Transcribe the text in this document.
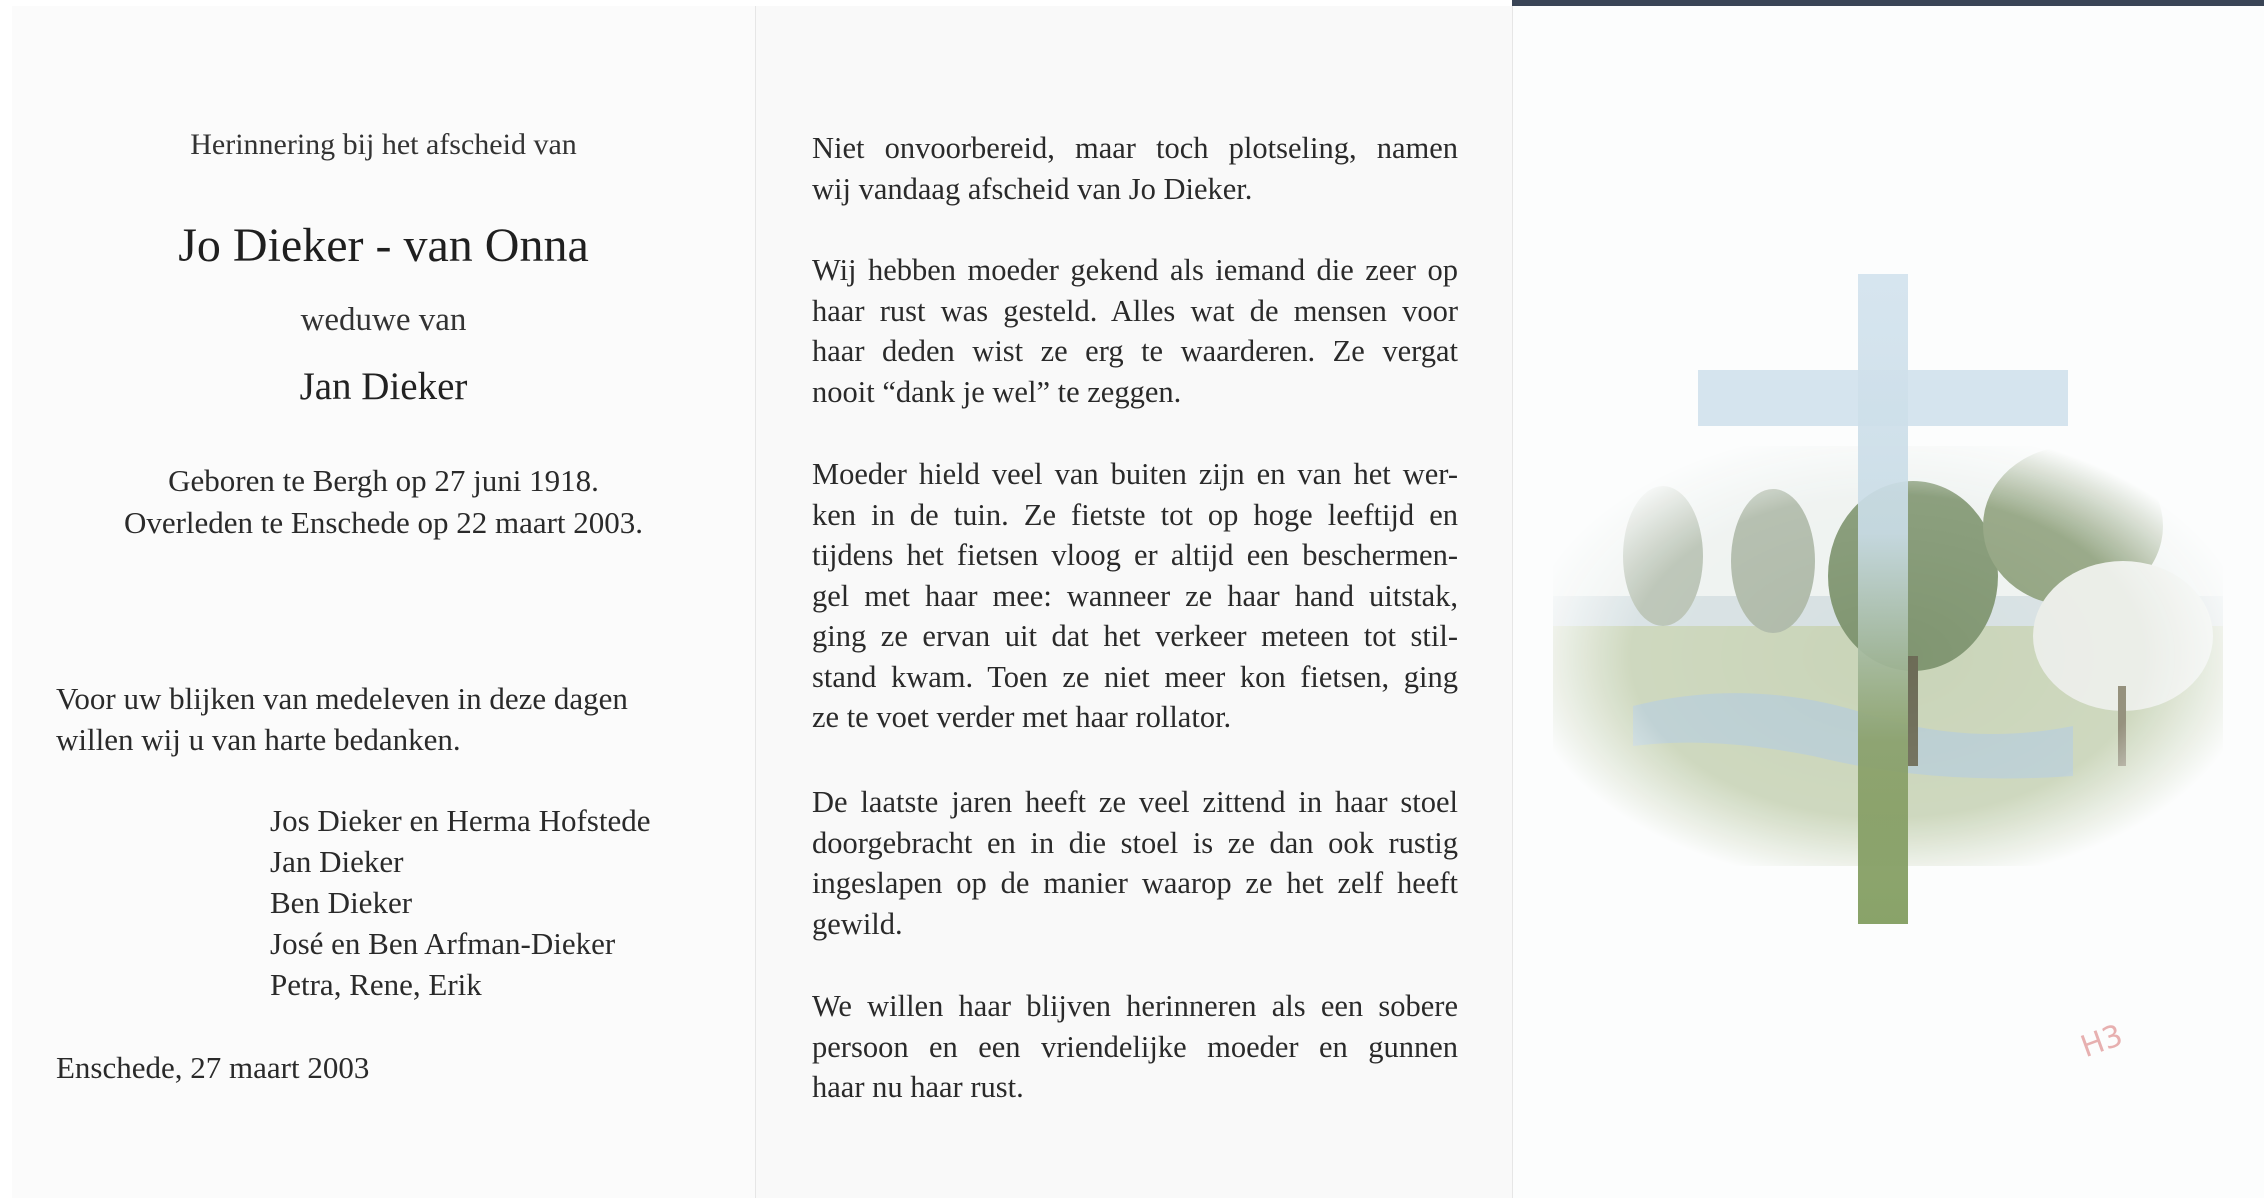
Herinnering bij het afscheid van
Jo Dieker - van Onna
weduwe van
Jan Dieker
Geboren te Bergh op 27 juni 1918.
Overleden te Enschede op 22 maart 2003.
Voor uw blijken van medeleven in deze dagen
willen wij u van harte bedanken.
Jos Dieker en Herma Hofstede
Jan Dieker
Ben Dieker
José en Ben Arfman-Dieker
Petra, Rene, Erik
Enschede, 27 maart 2003
Niet onvoorbereid, maar toch plotseling, namen
wij vandaag afscheid van Jo Dieker.
Wij hebben moeder gekend als iemand die zeer op
haar rust was gesteld. Alles wat de mensen voor
haar deden wist ze erg te waarderen. Ze vergat
nooit “dank je wel” te zeggen.
Moeder hield veel van buiten zijn en van het wer-
ken in de tuin. Ze fietste tot op hoge leeftijd en
tijdens het fietsen vloog er altijd een beschermen-
gel met haar mee: wanneer ze haar hand uitstak,
ging ze ervan uit dat het verkeer meteen tot stil-
stand kwam. Toen ze niet meer kon fietsen, ging
ze te voet verder met haar rollator.
De laatste jaren heeft ze veel zittend in haar stoel
doorgebracht en in die stoel is ze dan ook rustig
ingeslapen op de manier waarop ze het zelf heeft
gewild.
We willen haar blijven herinneren als een sobere
persoon en een vriendelijke moeder en gunnen
haar nu haar rust.
H3
